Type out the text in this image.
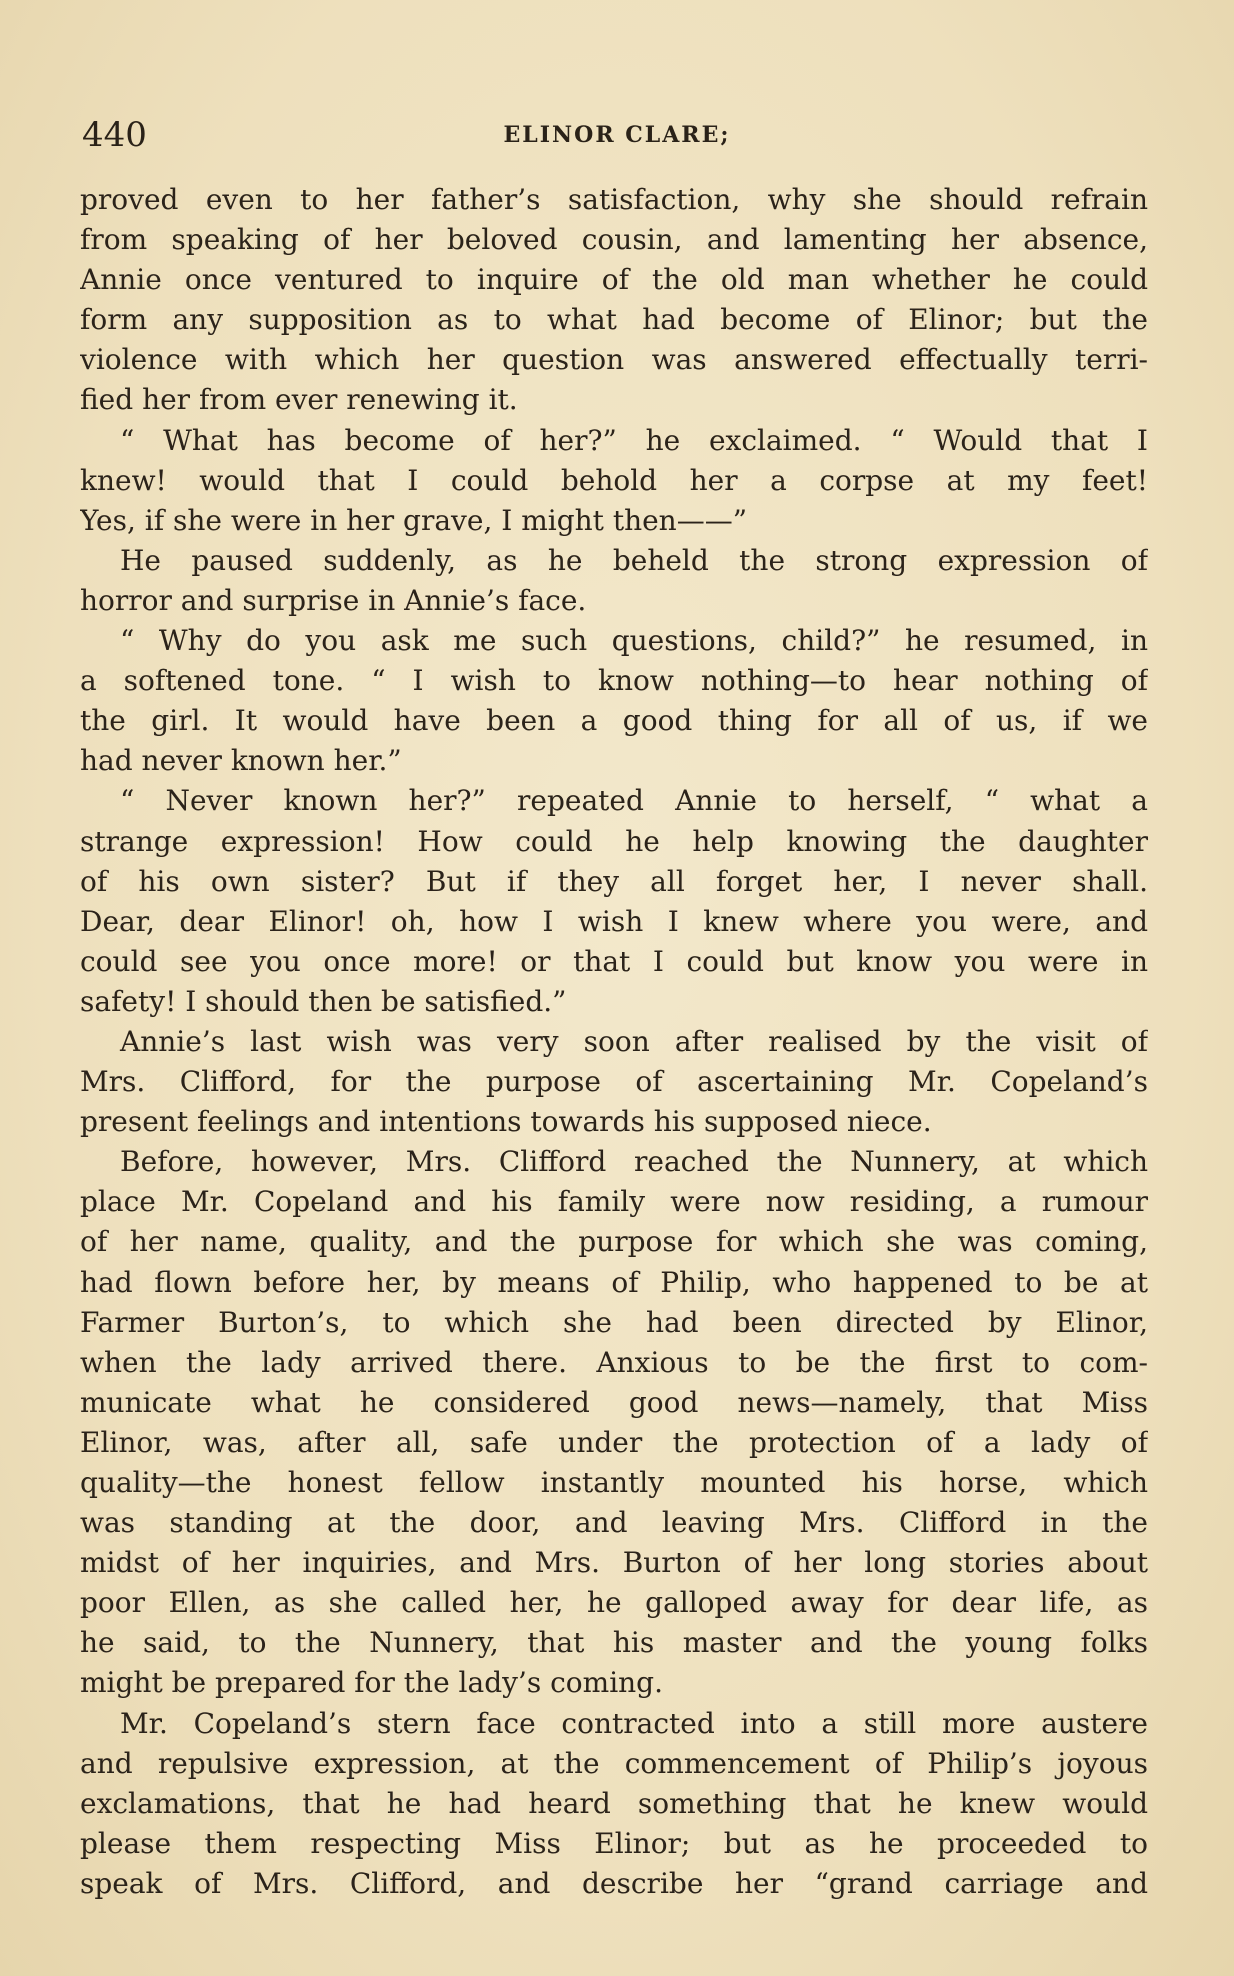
440	ELINOR CLARE;
proved even to her father’s satisfaction, why she should refrain
from speaking of her beloved cousin, and lamenting her absence,
Annie once ventured to inquire of the old man whether he could
form any supposition as to what had become of Elinor; but the
violence with which her question was answered effectually terri-
fied her from ever renewing it.
“ What has become of her?” he exclaimed. “ Would that I
knew! would that I could behold her a corpse at my feet!
Yes, if she were in her grave, I might then——”
He paused suddenly, as he beheld the strong expression of
horror and surprise in Annie’s face.
“ Why do you ask me such questions, child?” he resumed, in
a softened tone. “ I wish to know nothing—to hear nothing of
the girl. It would have been a good thing for all of us, if we
had never known her.”
“ Never known her?” repeated Annie to herself, “ what a
strange expression! How could he help knowing the daughter
of his own sister? But if they all forget her, I never shall.
Dear, dear Elinor! oh, how I wish I knew where you were, and
could see you once more! or that I could but know you were in
safety! I should then be satisfied.”
Annie’s last wish was very soon after realised by the visit of
Mrs. Clifford, for the purpose of ascertaining Mr. Copeland’s
present feelings and intentions towards his supposed niece.
Before, however, Mrs. Clifford reached the Nunnery, at which
place Mr. Copeland and his family were now residing, a rumour
of her name, quality, and the purpose for which she was coming,
had flown before her, by means of Philip, who happened to be at
Farmer Burton’s, to which she had been directed by Elinor,
when the lady arrived there. Anxious to be the first to com-
municate what he considered good news—namely, that Miss
Elinor, was, after all, safe under the protection of a lady of
quality—the honest fellow instantly mounted his horse, which
was standing at the door, and leaving Mrs. Clifford in the
midst of her inquiries, and Mrs. Burton of her long stories about
poor Ellen, as she called her, he galloped away for dear life, as
he said, to the Nunnery, that his master and the young folks
might be prepared for the lady’s coming.
Mr. Copeland’s stern face contracted into a still more austere
and repulsive expression, at the commencement of Philip’s joyous
exclamations, that he had heard something that he knew would
please them respecting Miss Elinor; but as he proceeded to
speak of Mrs. Clifford, and describe her “grand carriage and
